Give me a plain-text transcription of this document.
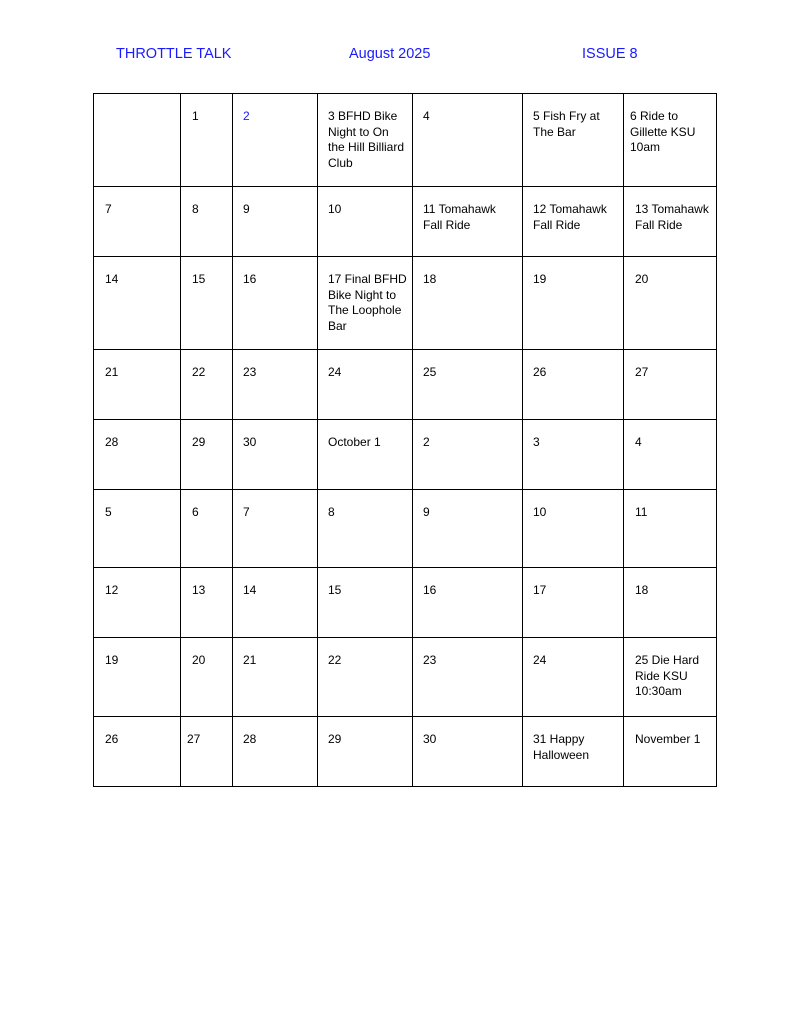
THROTTLE TALK	August 2025	ISSUE 8

	1	2	3 BFHD Bike Night to On the Hill Billiard Club	4	5 Fish Fry at The Bar	6 Ride to Gillette KSU 10am

7	8	9	10	11 Tomahawk Fall Ride	12 Tomahawk Fall Ride	13 Tomahawk Fall Ride

14	15	16	17 Final BFHD Bike Night to The Loophole Bar	18	19	20

21	22	23	24	25	26	27

28	29	30	October 1	2	3	4

5	6	7	8	9	10	11

12	13	14	15	16	17	18

19	20	21	22	23	24	25 Die Hard Ride KSU 10:30am

26	27	28	29	30	31 Happy Halloween	November 1
